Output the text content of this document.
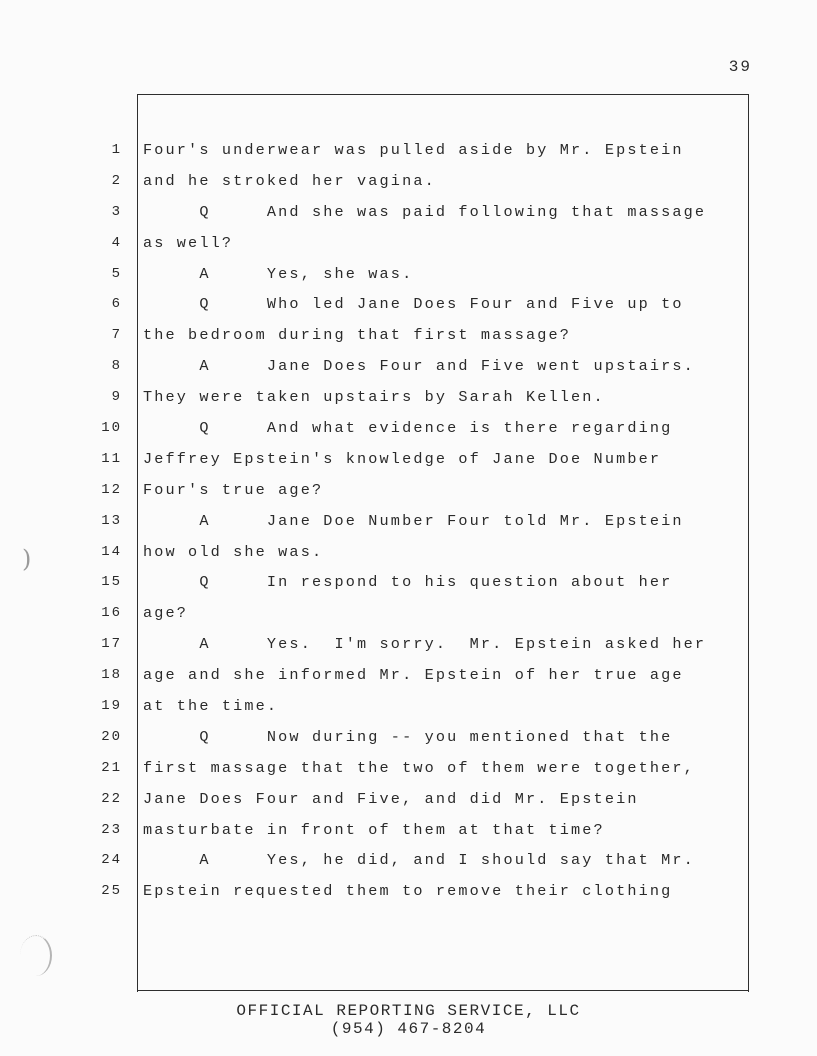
39
1 Four's underwear was pulled aside by Mr. Epstein
2 and he stroked her vagina.
3 Q     And she was paid following that massage
4 as well?
5 A     Yes, she was.
6 Q     Who led Jane Does Four and Five up to
7 the bedroom during that first massage?
8 A     Jane Does Four and Five went upstairs.
9 They were taken upstairs by Sarah Kellen.
10 Q     And what evidence is there regarding
11 Jeffrey Epstein's knowledge of Jane Doe Number
12 Four's true age?
13 A     Jane Doe Number Four told Mr. Epstein
14 how old she was.
15 Q     In respond to his question about her
16 age?
17 A     Yes.  I'm sorry.  Mr. Epstein asked her
18 age and she informed Mr. Epstein of her true age
19 at the time.
20 Q     Now during -- you mentioned that the
21 first massage that the two of them were together,
22 Jane Does Four and Five, and did Mr. Epstein
23 masturbate in front of them at that time?
24 A     Yes, he did, and I should say that Mr.
25 Epstein requested them to remove their clothing
OFFICIAL REPORTING SERVICE, LLC
(954) 467-8204
)
